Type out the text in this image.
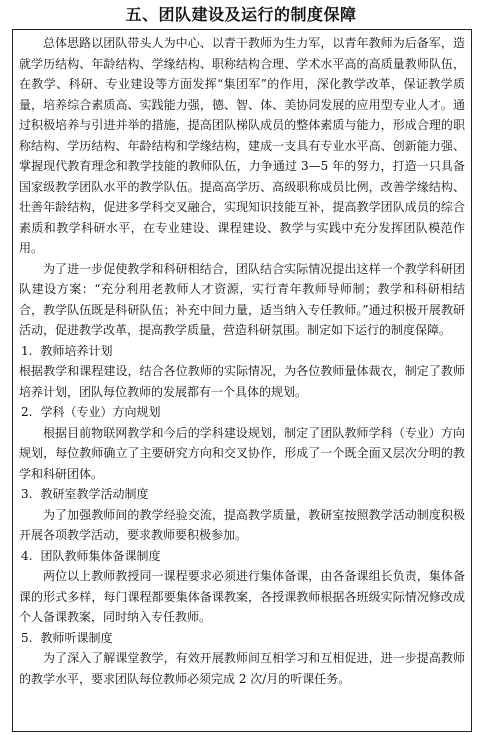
五、团队建设及运行的制度保障

总体思路以团队带头人为中心、以青干教师为生力军，以青年教师为后备军，造就学历结构、年龄结构、学缘结构、职称结构合理、学术水平高的高质量教师队伍，在教学、科研、专业建设等方面发挥“集团军”的作用，深化教学改革，保证教学质量，培养综合素质高、实践能力强，德、智、体、美协同发展的应用型专业人才。通过积极培养与引进并举的措施，提高团队梯队成员的整体素质与能力，形成合理的职称结构、学历结构、年龄结构和学缘结构，建成一支具有专业水平高、创新能力强、掌握现代教育理念和教学技能的教师队伍，力争通过 3—5 年的努力，打造一只具备国家级教学团队水平的教学队伍。提高高学历、高级职称成员比例，改善学缘结构、壮善年龄结构，促进多学科交叉融合，实现知识技能互补，提高教学团队成员的综合素质和教学科研水平，在专业建设、课程建设、教学与实践中充分发挥团队模范作用。

为了进一步促使教学和科研相结合，团队结合实际情况提出这样一个教学科研团队建设方案：“充分利用老教师人才资源，实行青年教师导师制；教学和科研相结合，教学队伍既是科研队伍；补充中间力量，适当纳入专任教师。”通过积极开展教研活动，促进教学改革，提高教学质量，营造科研氛围。制定如下运行的制度保障。

1. 教师培养计划

根据教学和课程建设，结合各位教师的实际情况，为各位教师量体裁衣，制定了教师培养计划，团队每位教师的发展都有一个具体的规划。

2. 学科（专业）方向规划

根据目前物联网教学和今后的学科建设规划，制定了团队教师学科（专业）方向规划，每位教师确立了主要研究方向和交叉协作，形成了一个既全面又层次分明的教学和科研团体。

3. 教研室教学活动制度

为了加强教师间的教学经验交流，提高教学质量，教研室按照教学活动制度积极开展各项教学活动，要求教师要积极参加。

4. 团队教师集体备课制度

两位以上教师教授同一课程要求必须进行集体备课，由各备课组长负责，集体备课的形式多样，每门课程都要集体备课教案，各授课教师根据各班级实际情况修改成个人备课教案，同时纳入专任教师。

5. 教师听课制度

为了深入了解课堂教学，有效开展教师间互相学习和互相促进，进一步提高教师的教学水平，要求团队每位教师必须完成 2 次/月的听课任务。
